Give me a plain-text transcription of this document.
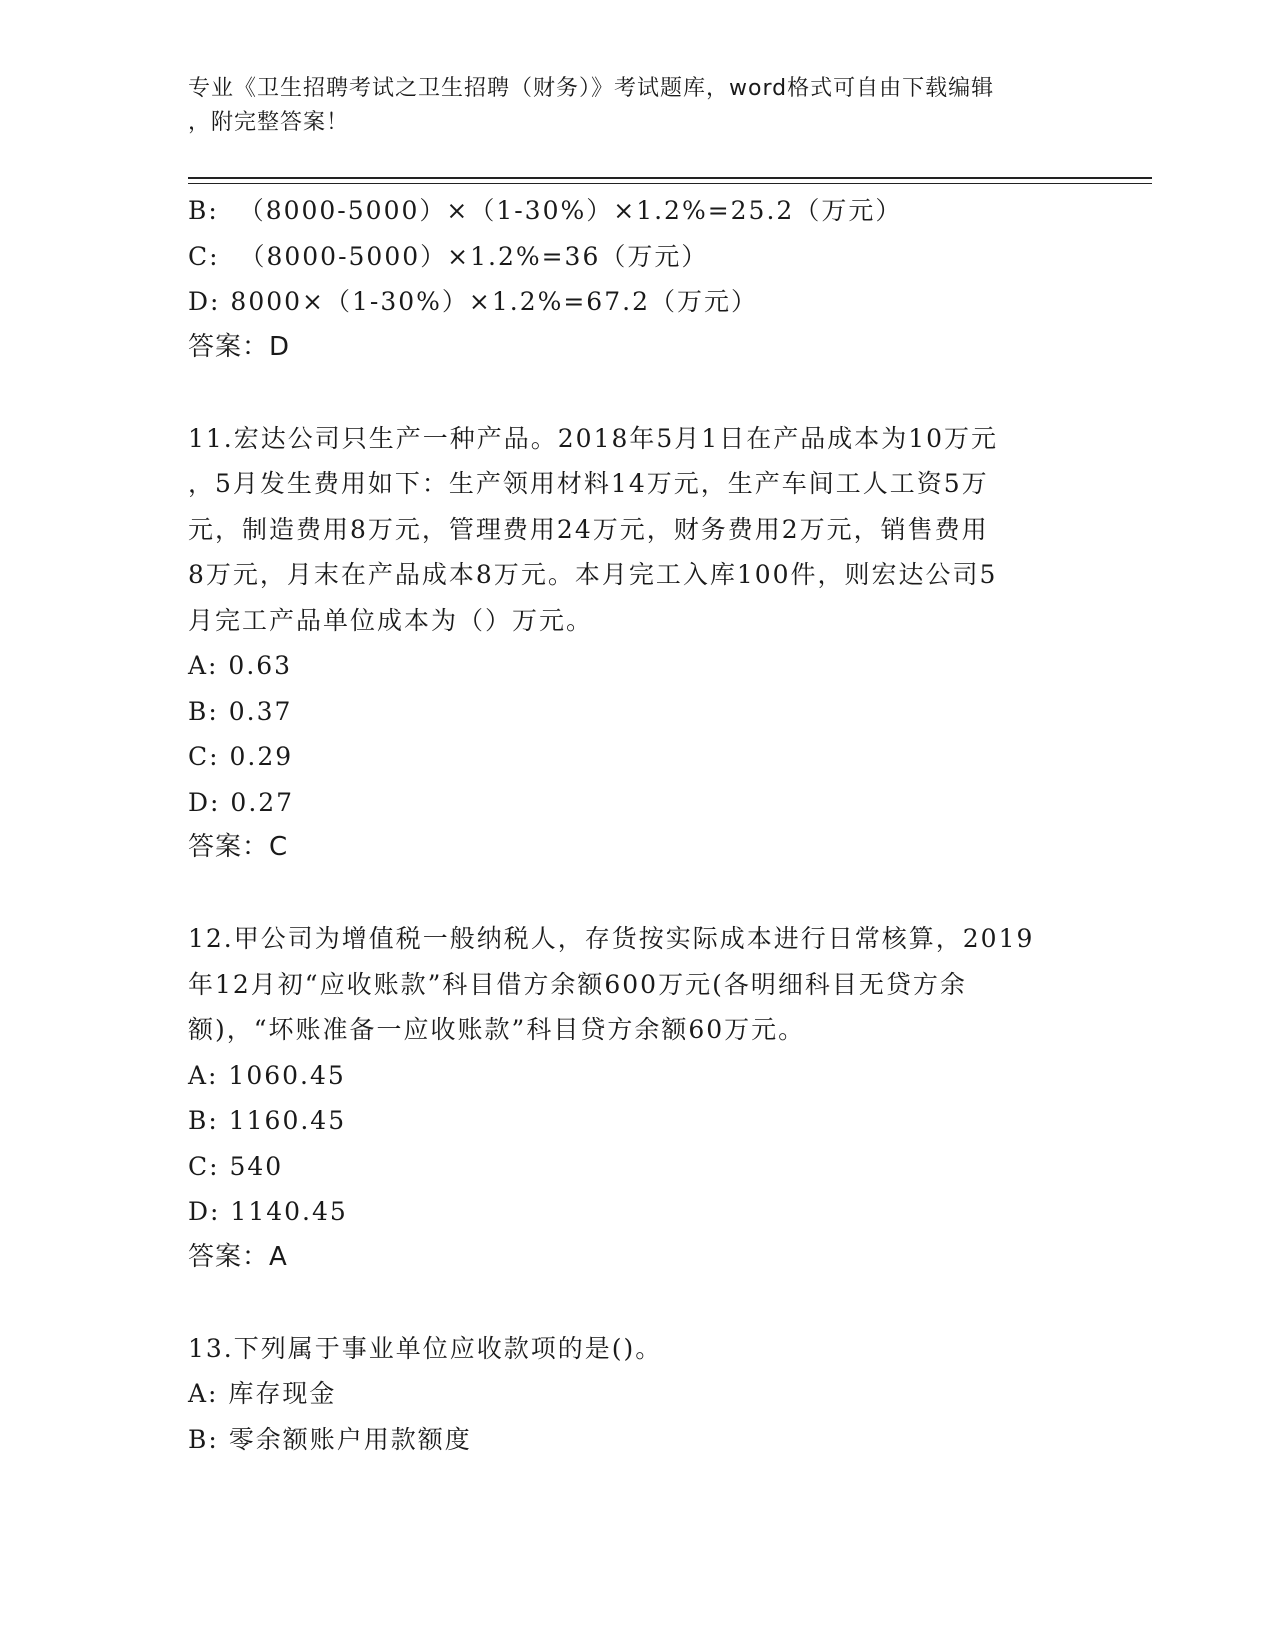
专业《卫生招聘考试之卫生招聘（财务）》考试题库，word格式可自由下载编辑
，附完整答案！
B:  （8000-5000）×（1-30%）×1.2%=25.2（万元）
C:  （8000-5000）×1.2%=36（万元）
D: 8000×（1-30%）×1.2%=67.2（万元）
答案：D
11.宏达公司只生产一种产品。2018年5月1日在产品成本为10万元
，5月发生费用如下：生产领用材料14万元，生产车间工人工资5万
元，制造费用8万元，管理费用24万元，财务费用2万元，销售费用
8万元，月末在产品成本8万元。本月完工入库100件，则宏达公司5
月完工产品单位成本为（）万元。
A: 0.63
B: 0.37
C: 0.29
D: 0.27
答案：C
12.甲公司为增值税一般纳税人，存货按实际成本进行日常核算，2019
年12月初“应收账款”科目借方余额600万元(各明细科目无贷方余
额)，“坏账准备一应收账款”科目贷方余额60万元。
A: 1060.45
B: 1160.45
C: 540
D: 1140.45
答案：A
13.下列属于事业单位应收款项的是()。
A: 库存现金
B: 零余额账户用款额度
